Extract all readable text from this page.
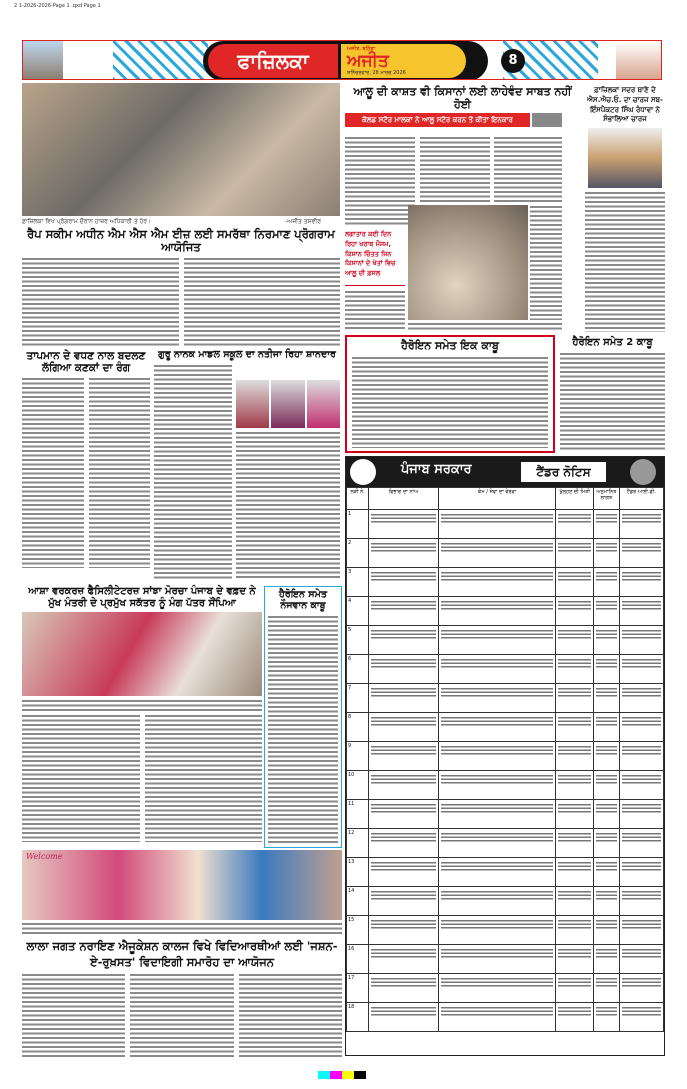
2 1-2026-2026-Page 1 .qxd Page 1
ਫਾਜ਼ਿਲਕਾ	ਅਜੀਤ, ਬਠਿੰਡਾ
ਅਜੀਤ
ਸ਼ਨਿੱਚਰਵਾਰ, 28 ਮਾਰਚ 2026
8
ਫ਼ਾਜ਼ਿਲਕਾ ਵਿਖੇ ਪ੍ਰੋਗਰਾਮ ਦੌਰਾਨ ਹਾਜ਼ਰ ਅਧਿਕਾਰੀ ਤੇ ਹੋਰ।	-ਅਜੀਤ ਤਸਵੀਰ
ਰੈਪ ਸਕੀਮ ਅਧੀਨ ਐਮ ਐਸ ਐਮ ਈਜ਼ ਲਈ ਸਮਰੱਥਾ ਨਿਰਮਾਣ ਪ੍ਰੋਗਰਾਮ ਆਯੋਜਿਤ
ਤਾਪਮਾਨ ਦੇ ਵਧਣ ਨਾਲ ਬਦਲਣ ਲੱਗਿਆ ਕਣਕਾਂ ਦਾ ਰੰਗ
ਗੁਰੂ ਨਾਨਕ ਮਾਡਲ ਸਕੂਲ ਦਾ ਨਤੀਜਾ ਰਿਹਾ ਸ਼ਾਨਦਾਰ
ਆਸ਼ਾ ਵਰਕਰਜ਼ ਫੈਸਿਲੀਟੇਟਰਜ਼ ਸਾਂਝਾ ਮੋਰਚਾ ਪੰਜਾਬ ਦੇ ਵਫ਼ਦ ਨੇ ਮੁੱਖ ਮੰਤਰੀ ਦੇ ਪ੍ਰਮੁੱਖ ਸਕੱਤਰ ਨੂੰ ਮੰਗ ਪੱਤਰ ਸੌਂਪਿਆ
ਹੈਰੋਇਨ ਸਮੇਤ ਨੌਜਵਾਨ ਕਾਬੂ
Welcome
ਲਾਲਾ ਜਗਤ ਨਰਾਇਣ ਐਜੂਕੇਸ਼ਨ ਕਾਲਜ ਵਿਖੇ ਵਿਦਿਆਰਥੀਆਂ ਲਈ 'ਜਸ਼ਨ-ਏ-ਰੁਖ਼ਸਤ' ਵਿਦਾਇਗੀ ਸਮਾਰੋਹ ਦਾ ਆਯੋਜਨ
ਆਲੂ ਦੀ ਕਾਸ਼ਤ ਵੀ ਕਿਸਾਨਾਂ ਲਈ ਲਾਹੇਵੰਦ ਸਾਬਤ ਨਹੀਂ ਹੋਈ
ਕੋਲਡ ਸਟੋਰ ਮਾਲਕਾਂ ਨੇ ਆਲੂ ਸਟੋਰ ਕਰਨ ਤੋਂ ਕੀਤਾ ਇਨਕਾਰ
ਲਗਾਤਾਰ ਕਈ ਦਿਨ ਰਿਹਾ ਖਰਾਬ ਮੌਸਮ, ਕਿਸਾਨ ਚਿੰਤਤ ਜਿਨ ਕਿਸਾਨਾਂ ਦੇ ਖੇਤਾਂ ਵਿਚ ਆਲੂ ਦੀ ਫ਼ਸਲ
ਫ਼ਾਜ਼ਿਲਕਾ ਸਦਰ ਥਾਣੇ ਦੇ ਐਸ.ਐਚ.ਓ. ਦਾ ਚਾਰਜ ਸਬ-ਇੰਸਪੈਕਟਰ ਸਿੰਘ ਰੰਧਾਵਾ ਨੇ ਸੰਭਾਲਿਆ ਚਾਰਜ
ਹੈਰੋਇਨ ਸਮੇਤ ਇਕ ਕਾਬੂ	ਹੈਰੋਇਨ ਸਮੇਤ 2 ਕਾਬੂ
ਪੰਜਾਬ ਸਰਕਾਰ	ਟੈਂਡਰ ਨੋਟਿਸ
ਲੜੀ ਨੰ.	ਵਿਭਾਗ ਦਾ ਨਾਂਅ	ਕੰਮ / ਸੇਵਾ ਦਾ ਵੇਰਵਾ	ਖੁੱਲ੍ਹਣ ਦੀ ਮਿਤੀ	ਅਨੁਮਾਨਿਤ ਲਾਗਤ	ਟੈਂਡਰ ਆਈ.ਡੀ.
1	

2	

3	

4	

5	

6	

7	

8	

9	

10	

11	

12	

13	

14	

15	

16	

17	

18	
